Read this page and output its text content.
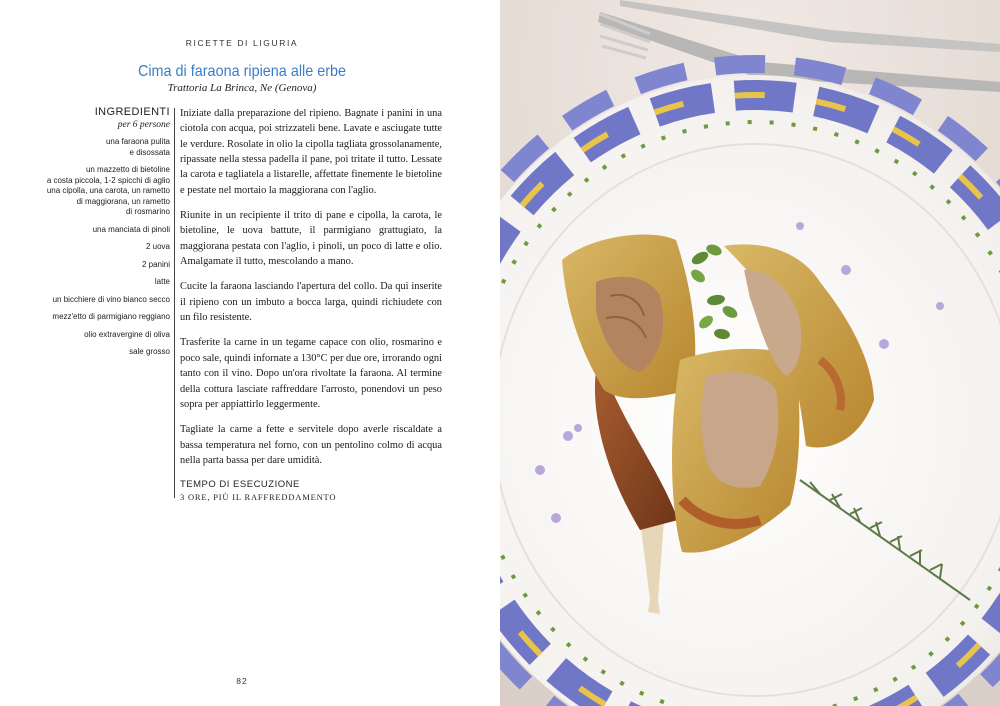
RICETTE DI LIGURIA
Cima di faraona ripiena alle erbe
Trattoria La Brinca, Ne (Genova)
INGREDIENTI
per 6 persone
una faraona pulita
e disossata
un mazzetto di bietoline
a costa piccola, 1-2 spicchi di aglio
una cipolla, una carota, un rametto
di maggiorana, un rametto
di rosmarino
una manciata di pinoli
2 uova
2 panini
latte
un bicchiere di vino bianco secco
mezz'etto di parmigiano reggiano
olio extravergine di oliva
sale grosso

Iniziate dalla preparazione del ripieno. Bagnate i panini in una ciotola con acqua, poi strizzateli bene. Lavate e asciugate tutte le verdure. Rosolate in olio la cipolla tagliata grossolanamente, ripassate nella stessa padella il pane, poi tritate il tutto. Lessate la carota e tagliatela a listarelle, affettate finemente le bietoline e pestate nel mortaio la maggiorana con l'aglio.

Riunite in un recipiente il trito di pane e cipolla, la carota, le bietoline, le uova battute, il parmigiano grattugiato, la maggiorana pestata con l'aglio, i pinoli, un poco di latte e olio. Amalgamate il tutto, mescolando a mano.

Cucite la faraona lasciando l'apertura del collo. Da qui inserite il ripieno con un imbuto a bocca larga, quindi richiudete con un filo resistente.

Trasferite la carne in un tegame capace con olio, rosmarino e poco sale, quindi infornate a 130°C per due ore, irrorando ogni tanto con il vino. Dopo un'ora rivoltate la faraona. Al termine della cottura lasciate raffreddare l'arrosto, ponendovi un peso sopra per appiattirlo leggermente.

Tagliate la carne a fette e servitele dopo averle riscaldate a bassa temperatura nel forno, con un pentolino colmo di acqua nella parta bassa per dare umidità.

TEMPO DI ESECUZIONE
3 ORE, PIÙ IL RAFFREDDAMENTO
82
